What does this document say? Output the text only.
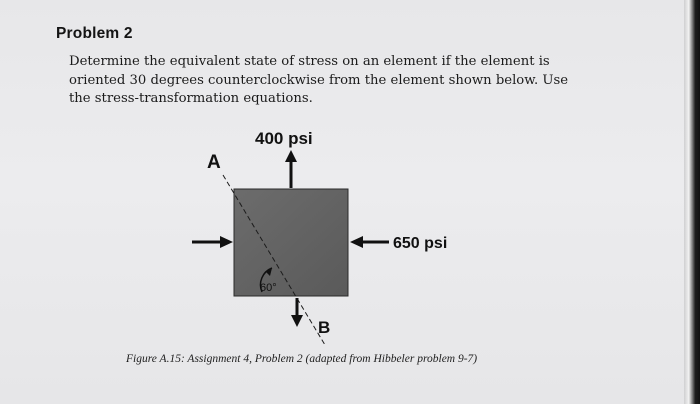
Problem 2
Determine the equivalent state of stress on an element if the element is
oriented 30 degrees counterclockwise from the element shown below. Use
the stress-transformation equations.
400 psi
650 psi
A
B
60°
Figure A.15: Assignment 4, Problem 2 (adapted from Hibbeler problem 9-7)
